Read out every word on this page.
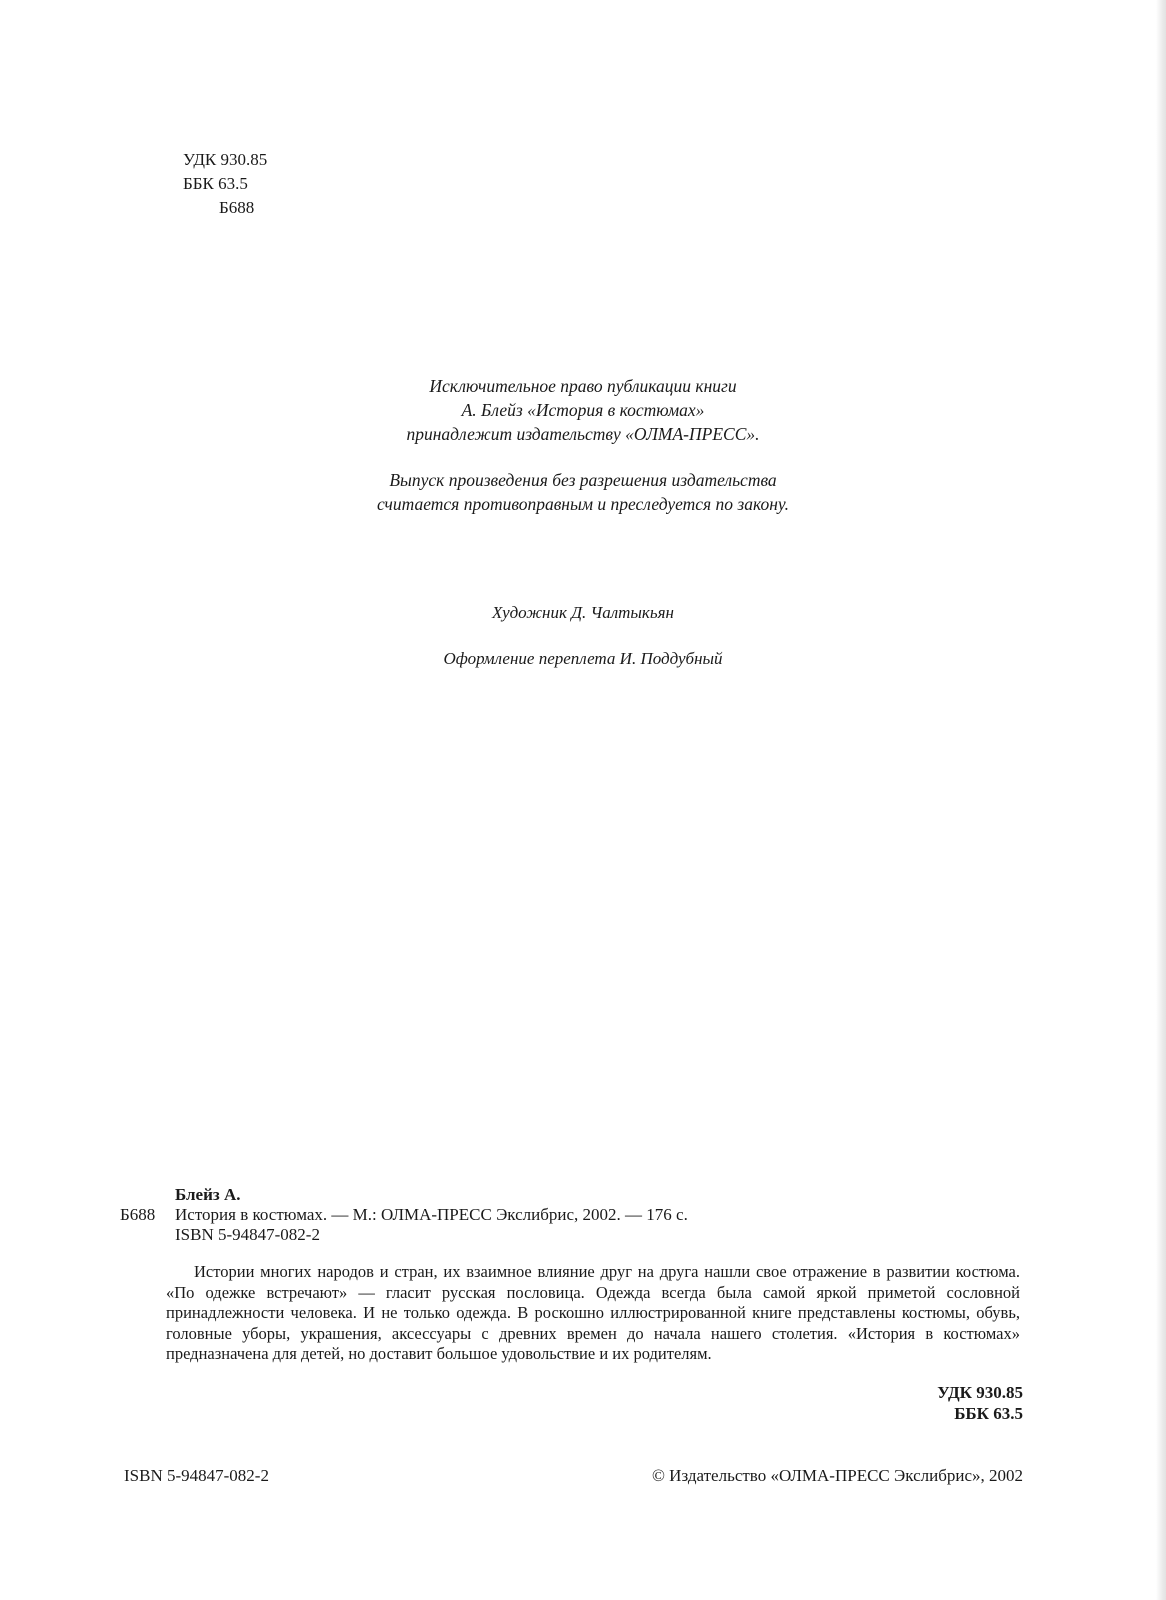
УДК 930.85
ББК 63.5
Б688

Исключительное право публикации книги

А. Блейз «История в костюмах»

принадлежит издательству «ОЛМА-ПРЕСС».

Выпуск произведения без разрешения издательства

считается противоправным и преследуется по закону.

Художник Д. Чалтыкьян

Оформление переплета И. Поддубный

Блейз А.
Б688	История в костюмах. — М.: ОЛМА-ПРЕСС Экслибрис, 2002. — 176 с.
ISBN 5-94847-082-2

Истории многих народов и стран, их взаимное влияние друг на друга нашли свое отражение в развитии костюма. «По одежке встречают» — гласит русская пословица. Одежда всегда была самой яркой приметой сословной принадлежности человека. И не только одежда. В роскошно иллюстрированной книге представлены костюмы, обувь, головные уборы, украшения, аксессуары с древних времен до начала нашего столетия. «История в костюмах» предназначена для детей, но доставит большое удовольствие и их родителям.

УДК 930.85
ББК 63.5
ISBN 5-94847-082-2	© Издательство «ОЛМА-ПРЕСС Экслибрис», 2002
